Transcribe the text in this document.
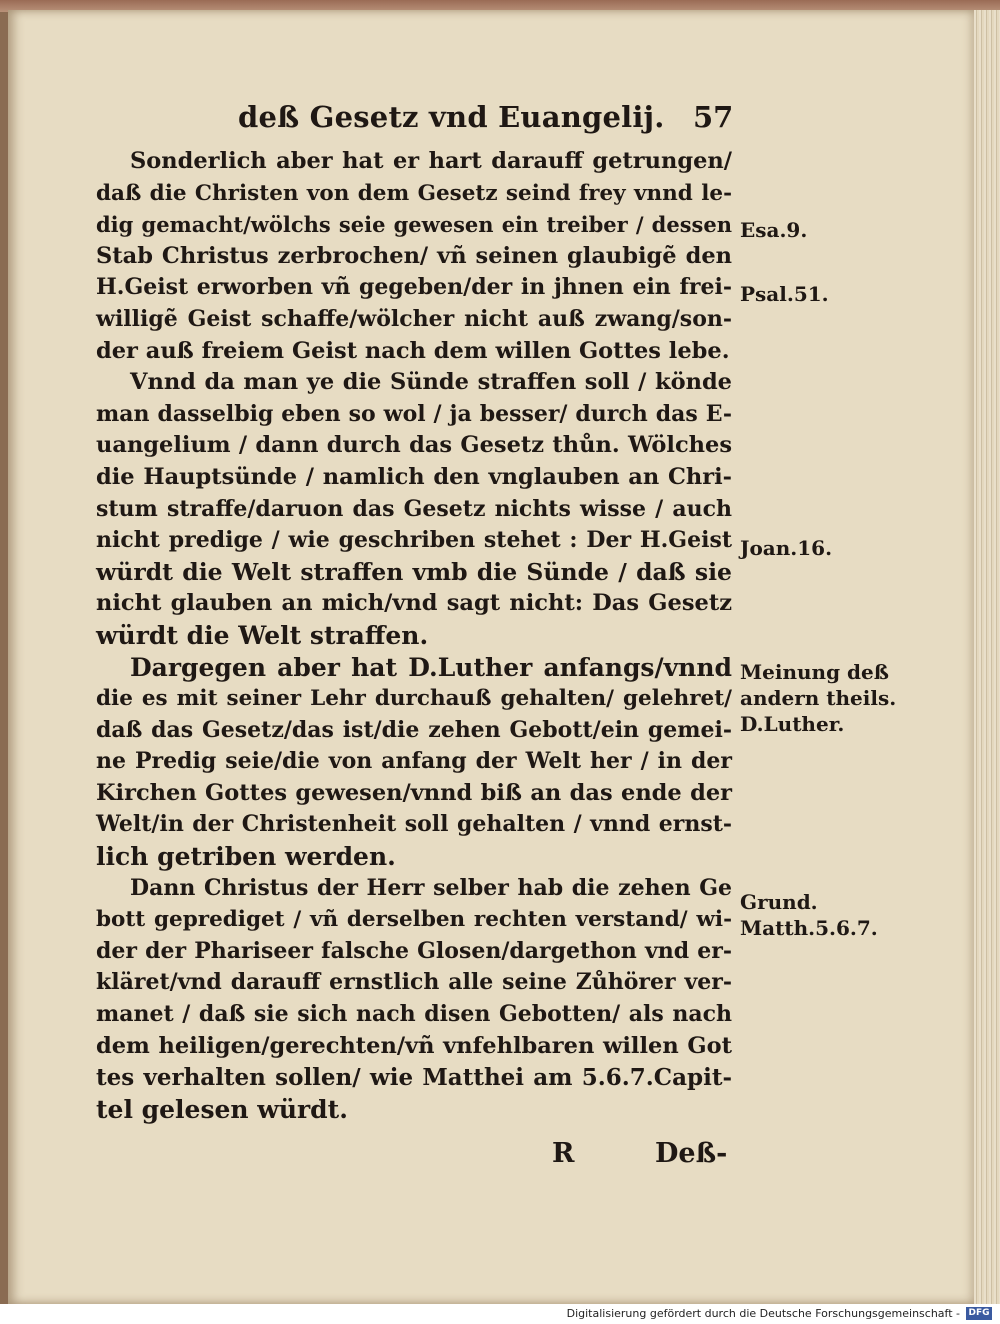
deß Gesetz vnd Euangelij. 57
Sonderlich aber hat er hart darauff getrungen/
daß die Christen von dem Gesetz seind frey vnnd le-
dig gemacht/wölchs seie gewesen ein treiber / dessen
Stab Christus zerbrochen/ vñ seinen glaubigẽ den
H.Geist erworben vñ gegeben/der in jhnen ein frei-
willigẽ Geist schaffe/wölcher nicht auß zwang/son-
der auß freiem Geist nach dem willen Gottes lebe.
Vnnd da man ye die Sünde straffen soll / könde
man dasselbig eben so wol / ja besser/ durch das E-
uangelium / dann durch das Gesetz thůn. Wölches
die Hauptsünde / namlich den vnglauben an Chri-
stum straffe/daruon das Gesetz nichts wisse / auch
nicht predige / wie geschriben stehet : Der H.Geist
würdt die Welt straffen vmb die Sünde / daß sie
nicht glauben an mich/vnd sagt nicht: Das Gesetz
würdt die Welt straffen.
Dargegen aber hat D.Luther anfangs/vnnd
die es mit seiner Lehr durchauß gehalten/ gelehret/
daß das Gesetz/das ist/die zehen Gebott/ein gemei-
ne Predig seie/die von anfang der Welt her / in der
Kirchen Gottes gewesen/vnnd biß an das ende der
Welt/in der Christenheit soll gehalten / vnnd ernst-
lich getriben werden.
Dann Christus der Herr selber hab die zehen Ge
bott geprediget / vñ derselben rechten verstand/ wi-
der der Phariseer falsche Glosen/dargethon vnd er-
kläret/vnd darauff ernstlich alle seine Zůhörer ver-
manet / daß sie sich nach disen Gebotten/ als nach
dem heiligen/gerechten/vñ vnfehlbaren willen Got
tes verhalten sollen/ wie Matthei am 5.6.7.Capit-
tel gelesen würdt.
Esa.9.
Psal.51.
Joan.16.
Meinung deß
andern theils.
D.Luther.
Grund.
Matth.5.6.7.
R	Deß-
Digitalisierung gefördert durch die Deutsche Forschungsgemeinschaft - DFG
